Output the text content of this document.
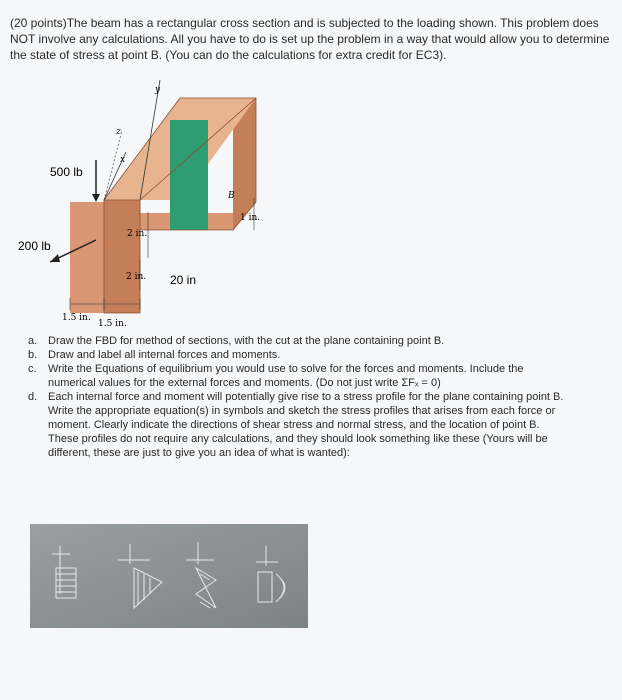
(20 points)The beam has a rectangular cross section and is subjected to the loading shown. This problem does NOT involve any calculations. All you have to do is set up the problem in a way that would allow you to determine the state of stress at point B. (You can do the calculations for extra credit for EC3).

y
x
z
500 lb
200 lb
B
1 in.
2 in.
2 in. 20 in
1.5 in.
1.5 in.
a. Draw the FBD for method of sections, with the cut at the plane containing point B.
b. Draw and label all internal forces and moments.
c.	Write the Equations of equilibrium you would use to solve for the forces and moments. Include the numerical values for the external forces and moments. (Do not just write ΣFₓ = 0)
d. Each internal force and moment will potentially give rise to a stress profile for the plane containing point B. Write the appropriate equation(s) in symbols and sketch the stress profiles that arises from each force or moment. Clearly indicate the directions of shear stress and normal stress, and the location of point B. These profiles do not require any calculations, and they should look something like these (Yours will be different, these are just to give you an idea of what is wanted):
